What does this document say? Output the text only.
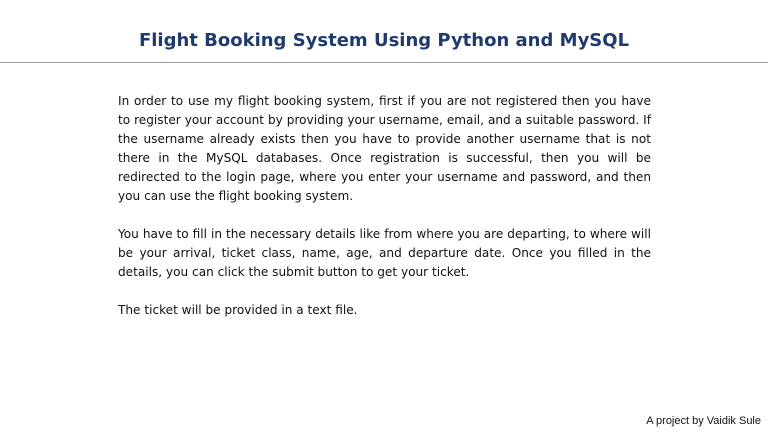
Flight Booking System Using Python and MySQL

In order to use my flight booking system, first if you are not registered then you have to register your account by providing your username, email, and a suitable password. If the username already exists then you have to provide another username that is not there in the MySQL databases. Once registration is successful, then you will be redirected to the login page, where you enter your username and password, and then you can use the flight booking system.

You have to fill in the necessary details like from where you are departing, to where will be your arrival, ticket class, name, age, and departure date. Once you filled in the details, you can click the submit button to get your ticket.

The ticket will be provided in a text file.

A project by Vaidik Sule
